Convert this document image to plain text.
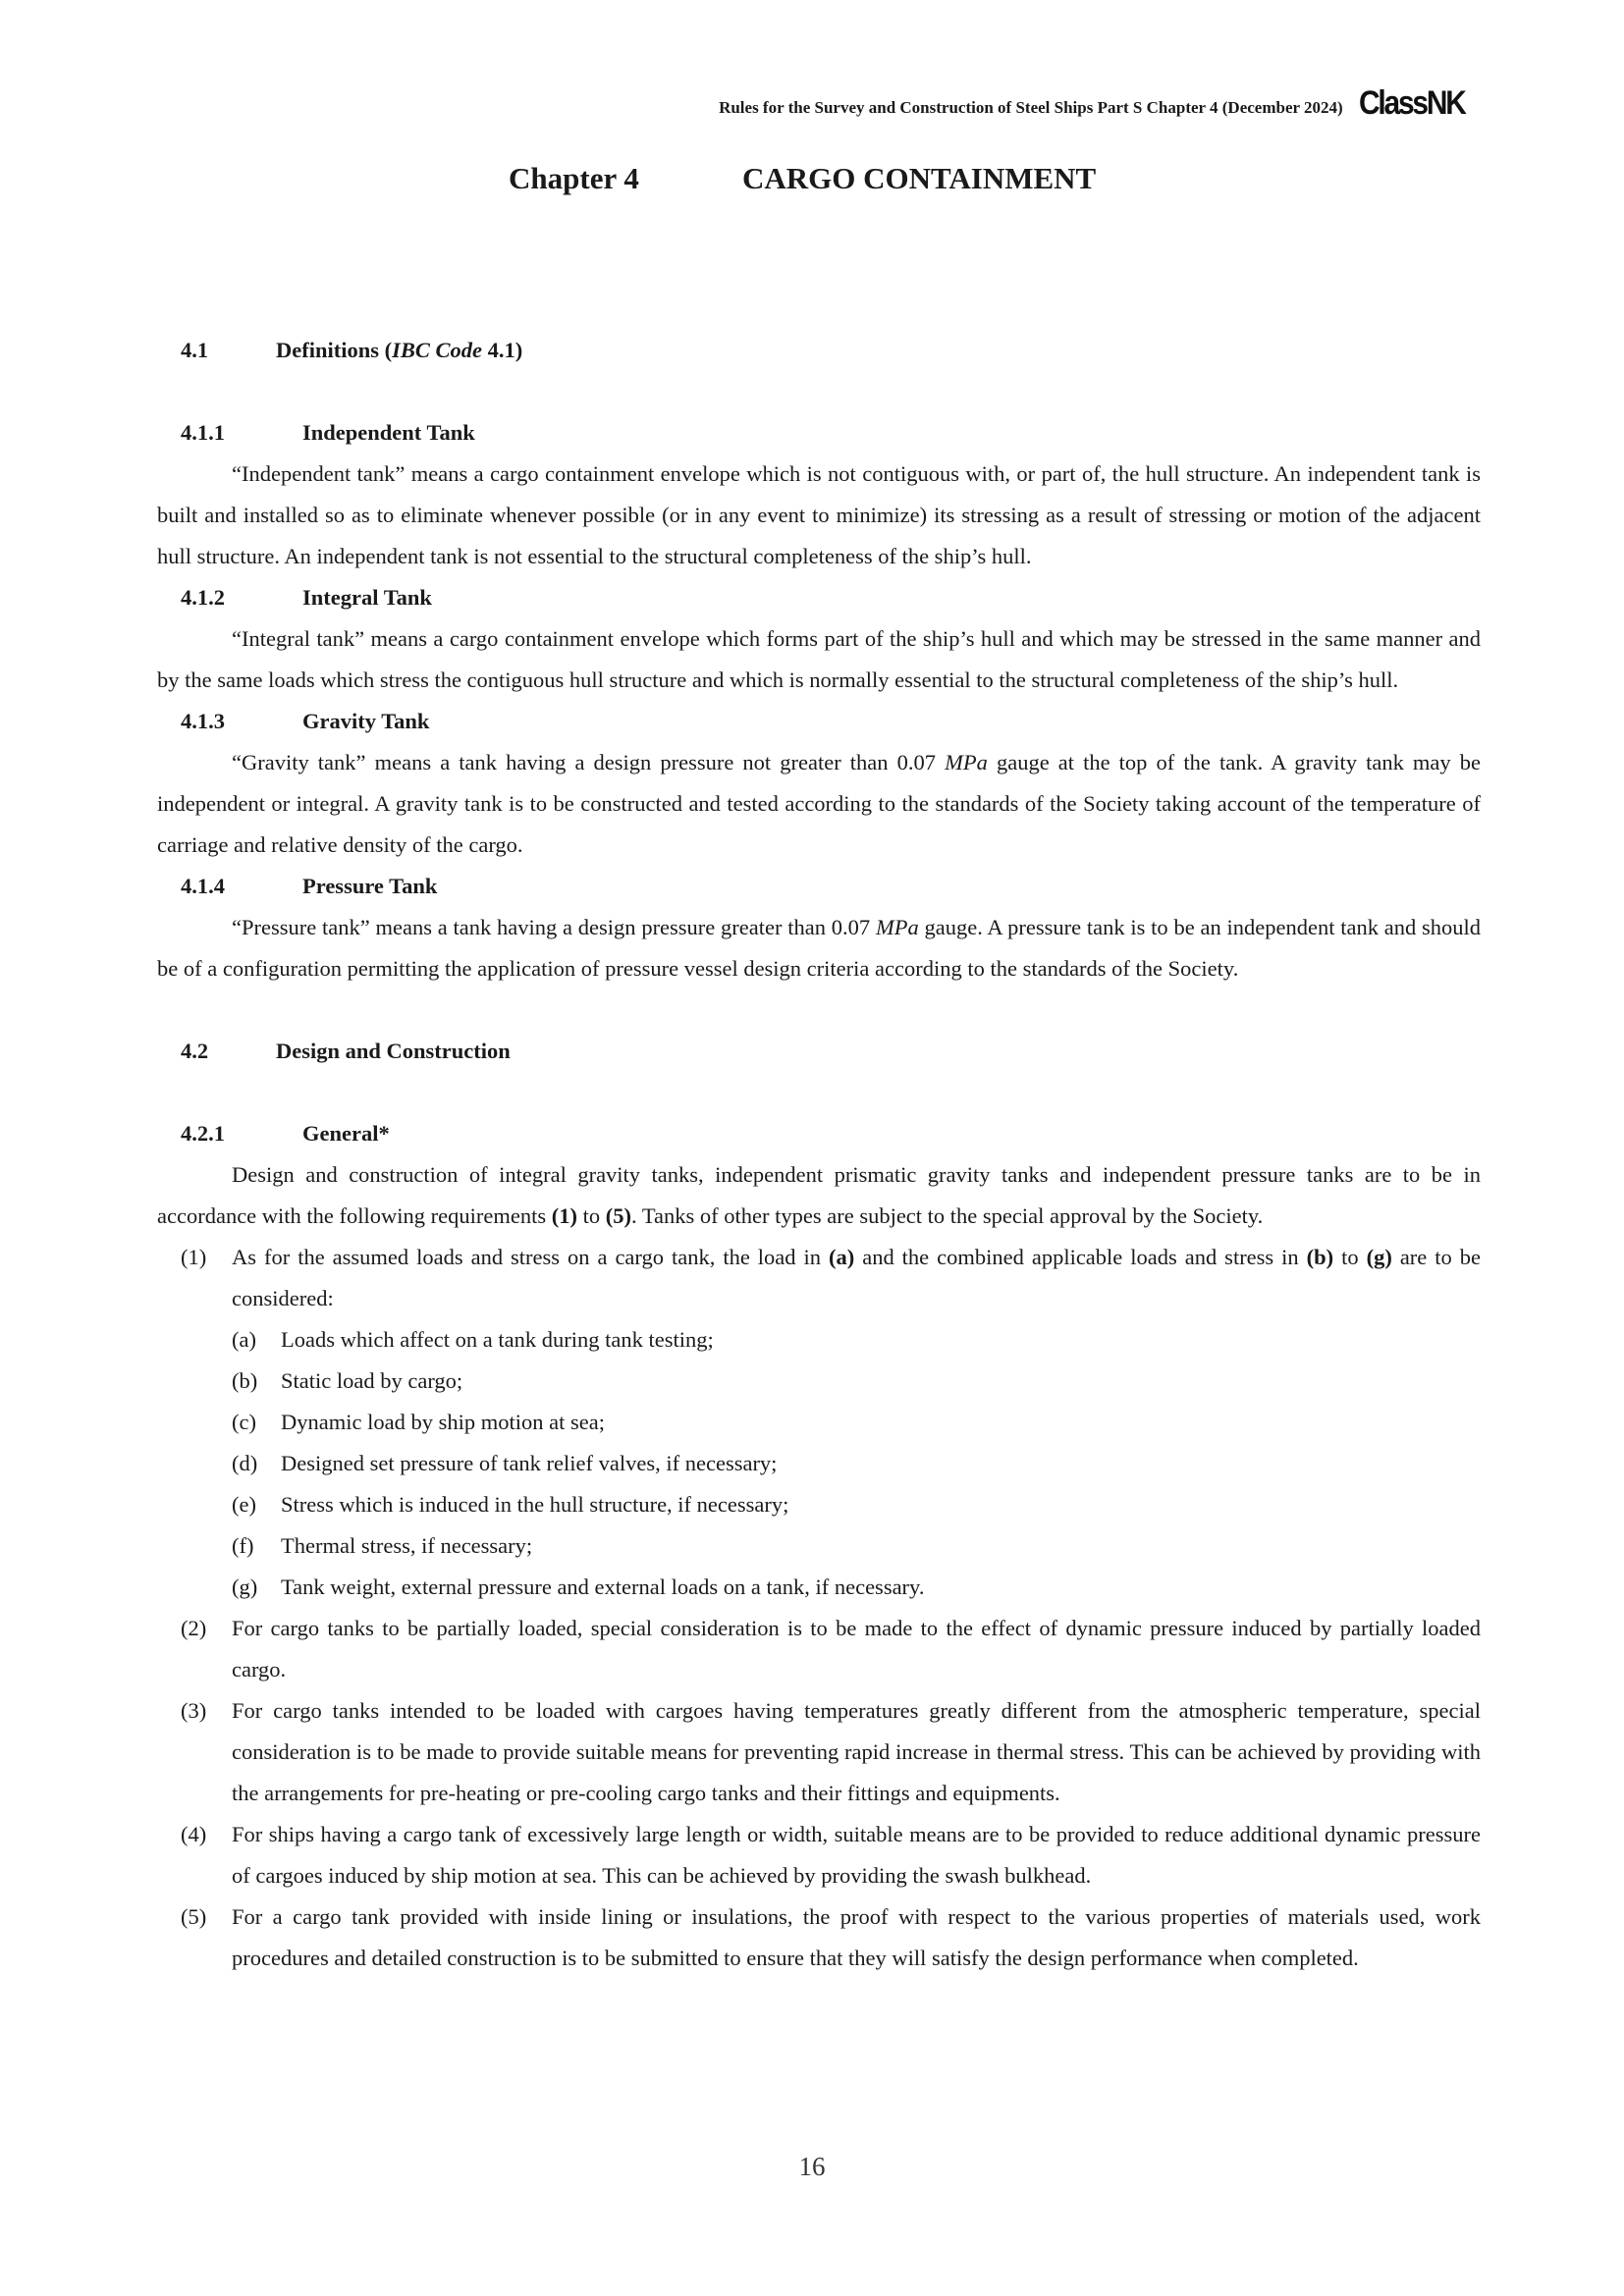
Rules for the Survey and Construction of Steel Ships Part S Chapter 4 (December 2024) ClassNK
Chapter 4	CARGO CONTAINMENT
4.1	Definitions (IBC Code 4.1)
4.1.1	Independent Tank

“Independent tank” means a cargo containment envelope which is not contiguous with, or part of, the hull structure. An independent tank is built and installed so as to eliminate whenever possible (or in any event to minimize) its stressing as a result of stressing or motion of the adjacent hull structure. An independent tank is not essential to the structural completeness of the ship’s hull.

4.1.2	Integral Tank

“Integral tank” means a cargo containment envelope which forms part of the ship’s hull and which may be stressed in the same manner and by the same loads which stress the contiguous hull structure and which is normally essential to the structural completeness of the ship’s hull.

4.1.3	Gravity Tank

“Gravity tank” means a tank having a design pressure not greater than 0.07 MPa gauge at the top of the tank. A gravity tank may be independent or integral. A gravity tank is to be constructed and tested according to the standards of the Society taking account of the temperature of carriage and relative density of the cargo.

4.1.4	Pressure Tank

“Pressure tank” means a tank having a design pressure greater than 0.07 MPa gauge. A pressure tank is to be an independent tank and should be of a configuration permitting the application of pressure vessel design criteria according to the standards of the Society.

4.2	Design and Construction
4.2.1	General*

Design and construction of integral gravity tanks, independent prismatic gravity tanks and independent pressure tanks are to be in accordance with the following requirements (1) to (5). Tanks of other types are subject to the special approval by the Society.

(1) As for the assumed loads and stress on a cargo tank, the load in (a) and the combined applicable loads and stress in (b) to (g) are to be considered:
(a) Loads which affect on a tank during tank testing;
(b) Static load by cargo;
(c) Dynamic load by ship motion at sea;
(d) Designed set pressure of tank relief valves, if necessary;
(e) Stress which is induced in the hull structure, if necessary;
(f) Thermal stress, if necessary;
(g) Tank weight, external pressure and external loads on a tank, if necessary.
(2) For cargo tanks to be partially loaded, special consideration is to be made to the effect of dynamic pressure induced by partially loaded cargo.
(3) For cargo tanks intended to be loaded with cargoes having temperatures greatly different from the atmospheric temperature, special consideration is to be made to provide suitable means for preventing rapid increase in thermal stress. This can be achieved by providing with the arrangements for pre-heating or pre-cooling cargo tanks and their fittings and equipments.
(4) For ships having a cargo tank of excessively large length or width, suitable means are to be provided to reduce additional dynamic pressure of cargoes induced by ship motion at sea. This can be achieved by providing the swash bulkhead.
(5) For a cargo tank provided with inside lining or insulations, the proof with respect to the various properties of materials used, work procedures and detailed construction is to be submitted to ensure that they will satisfy the design performance when completed.
16
